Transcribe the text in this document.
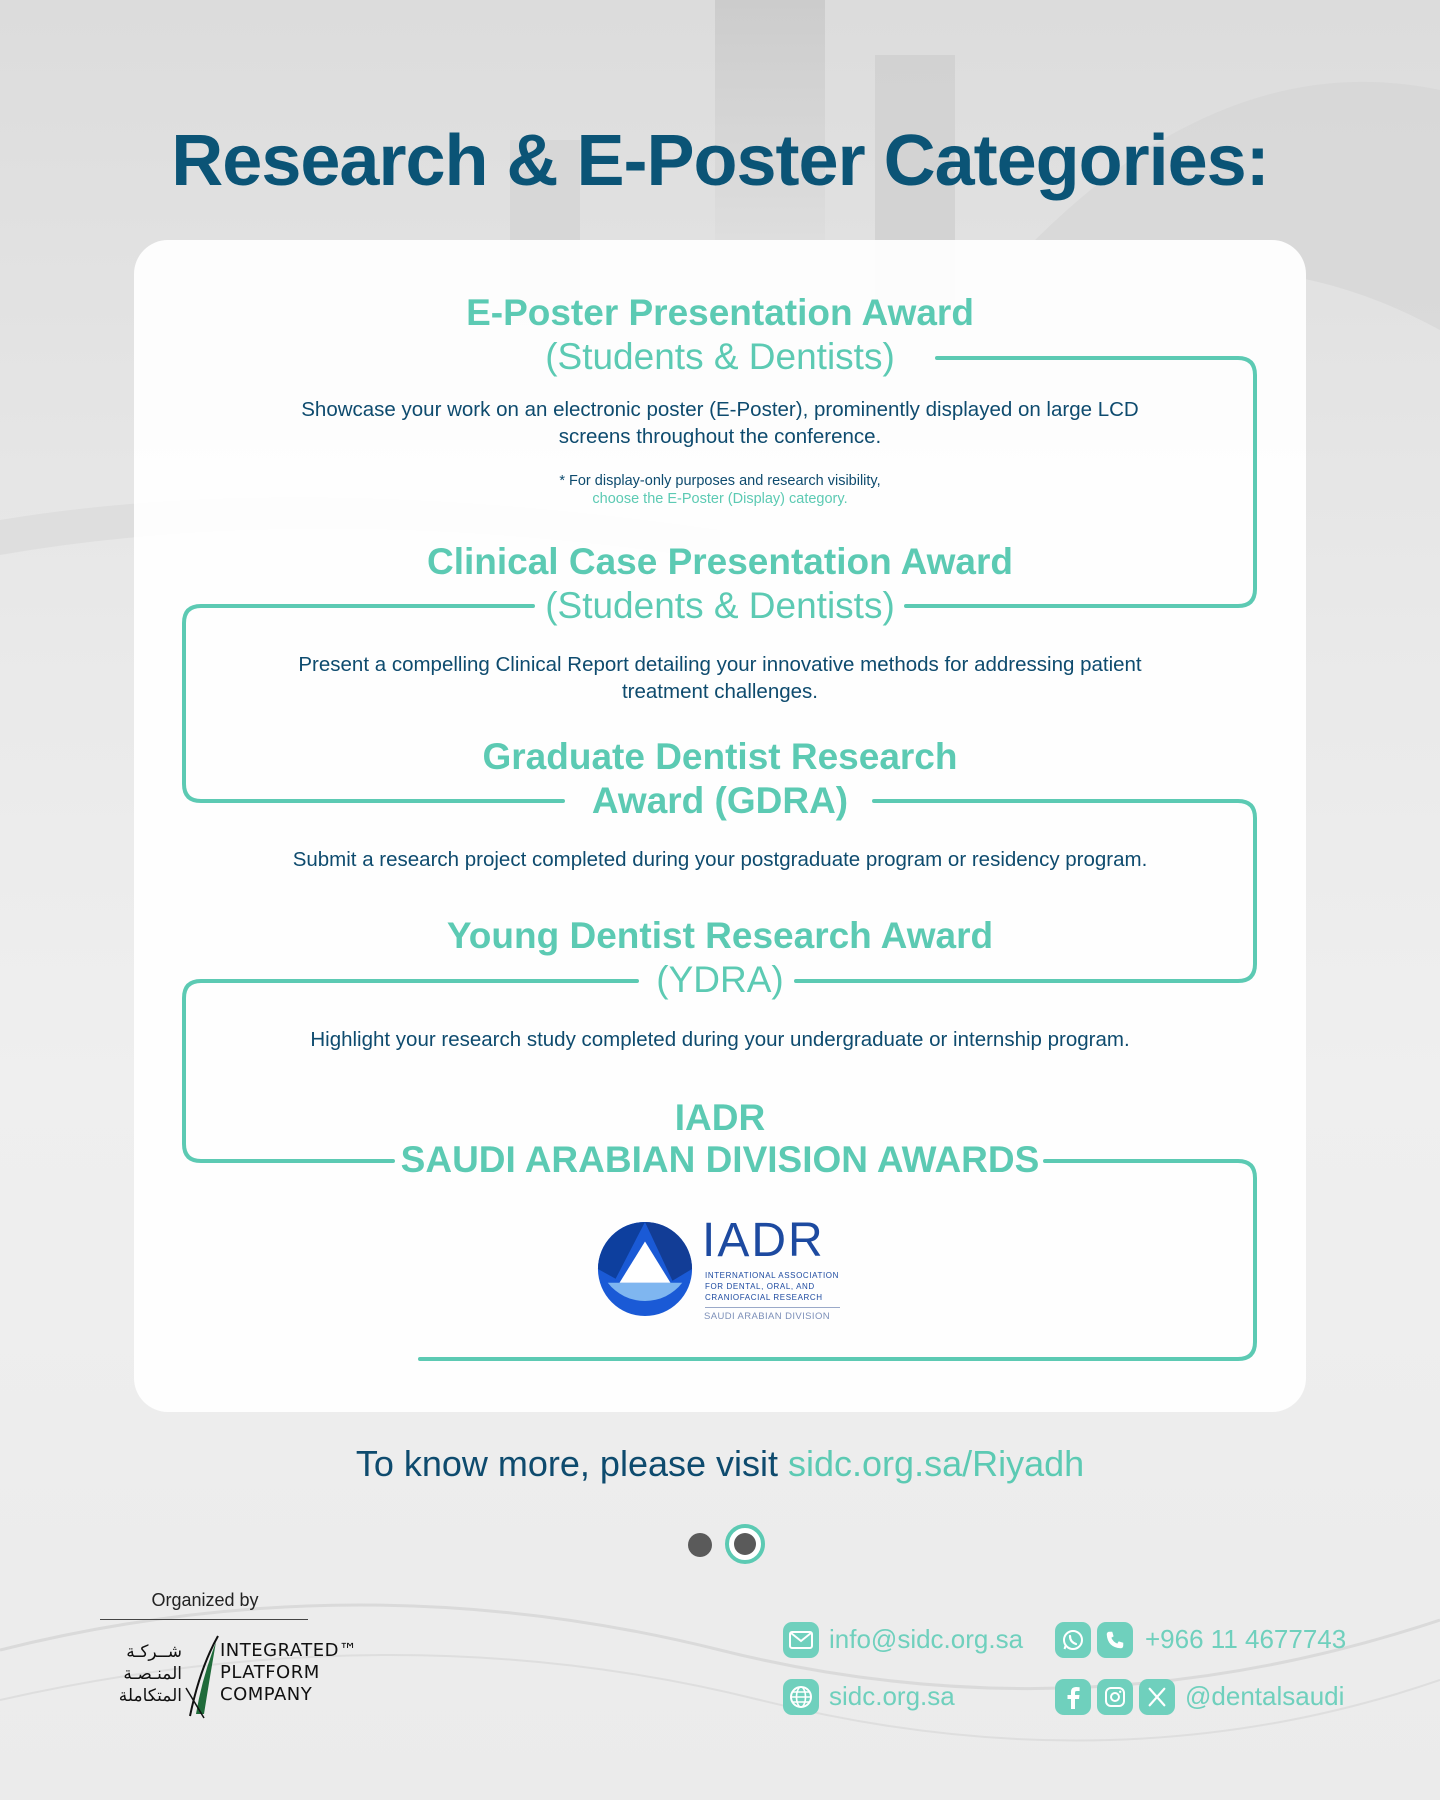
Research & E-Poster Categories:
E-Poster Presentation Award
(Students & Dentists)
Showcase your work on an electronic poster (E-Poster), prominently displayed on large LCD
screens throughout the conference.
* For display-only purposes and research visibility,
choose the E-Poster (Display) category.
Clinical Case Presentation Award
(Students & Dentists)
Present a compelling Clinical Report detailing your innovative methods for addressing patient
treatment challenges.
Graduate Dentist Research
Award (GDRA)
Submit a research project completed during your postgraduate program or residency program.
Young Dentist Research Award
(YDRA)
Highlight your research study completed during your undergraduate or internship program.
IADR
SAUDI ARABIAN DIVISION AWARDS
IADR
INTERNATIONAL ASSOCIATION
FOR DENTAL, ORAL, AND
CRANIOFACIAL RESEARCH
SAUDI ARABIAN DIVISION
To know more, please visit sidc.org.sa/Riyadh
Organized by
شــركـة
المنـصـة
المتكاملة
INTEGRATED™
PLATFORM
COMPANY
info@sidc.org.sa
sidc.org.sa
+966 11 4677743
@dentalsaudi
